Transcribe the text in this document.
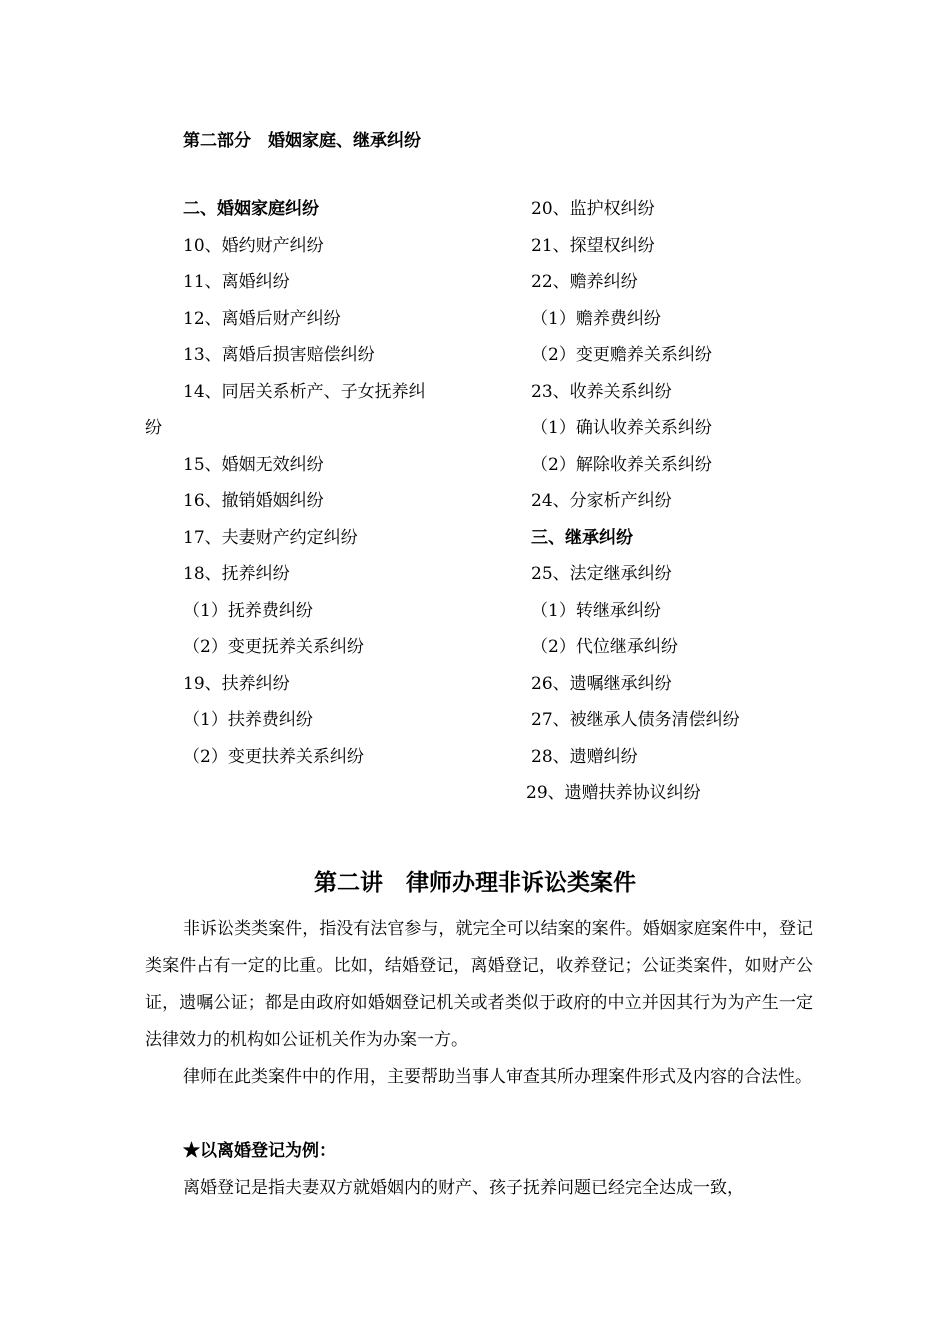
第二部分　婚姻家庭、继承纠纷
二、婚姻家庭纠纷
10、婚约财产纠纷
11、离婚纠纷
12、离婚后财产纠纷
13、离婚后损害赔偿纠纷
14、同居关系析产、子女抚养纠
纷
15、婚姻无效纠纷
16、撤销婚姻纠纷
17、夫妻财产约定纠纷
18、抚养纠纷
（1）抚养费纠纷
（2）变更抚养关系纠纷
19、扶养纠纷
（1）扶养费纠纷
（2）变更扶养关系纠纷
20、监护权纠纷
21、探望权纠纷
22、赡养纠纷
（1）赡养费纠纷
（2）变更赡养关系纠纷
23、收养关系纠纷
（1）确认收养关系纠纷
（2）解除收养关系纠纷
24、分家析产纠纷
三、继承纠纷
25、法定继承纠纷
（1）转继承纠纷
（2）代位继承纠纷
26、遗嘱继承纠纷
27、被继承人债务清偿纠纷
28、遗赠纠纷
29、遗赠扶养协议纠纷
第二讲　律师办理非诉讼类案件
非诉讼类类案件，指没有法官参与，就完全可以结案的案件。婚姻家庭案件中，登记类案件占有一定的比重。比如，结婚登记，离婚登记，收养登记；公证类案件，如财产公证，遗嘱公证；都是由政府如婚姻登记机关或者类似于政府的中立并因其行为为产生一定法律效力的机构如公证机关作为办案一方。
律师在此类案件中的作用，主要帮助当事人审查其所办理案件形式及内容的合法性。
★以离婚登记为例：
离婚登记是指夫妻双方就婚姻内的财产、孩子抚养问题已经完全达成一致，
